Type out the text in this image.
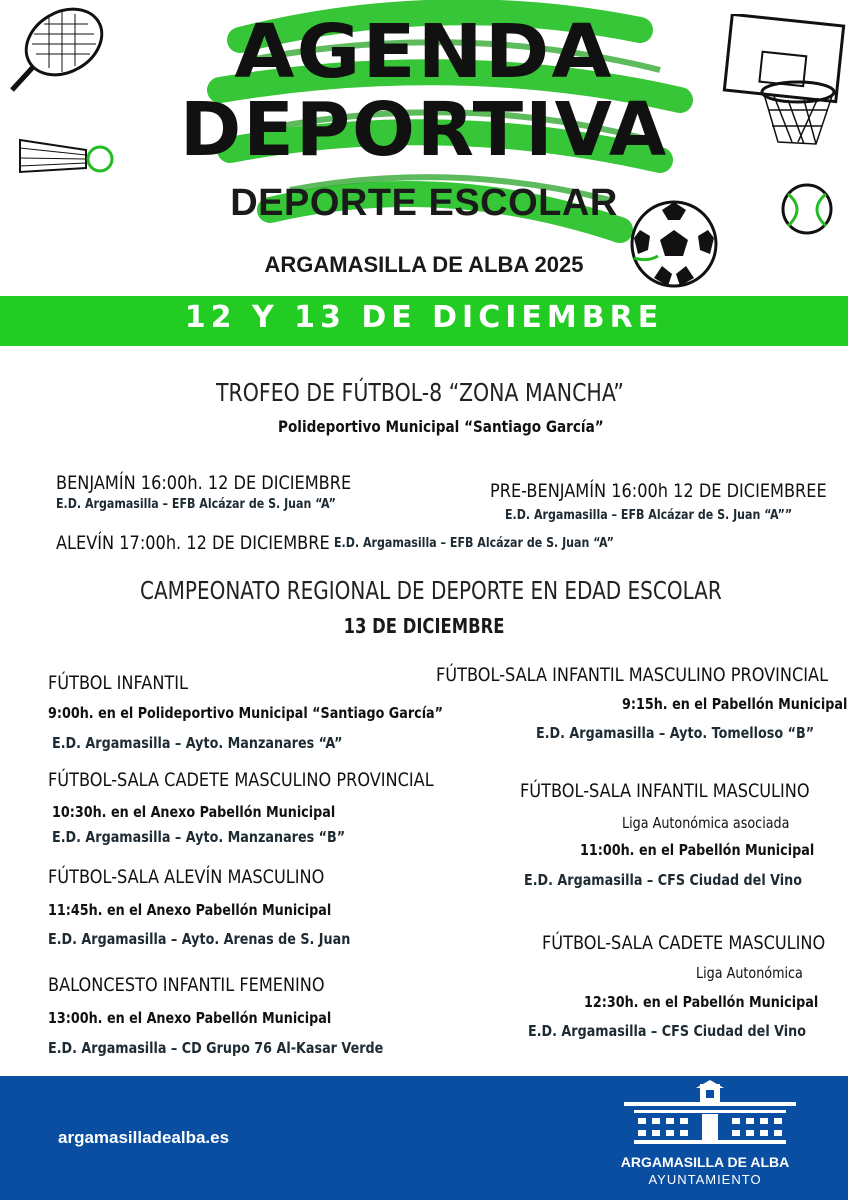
AGENDA
DEPORTIVA
DEPORTE ESCOLAR
ARGAMASILLA DE ALBA 2025
12 Y 13 DE DICIEMBRE
TROFEO DE FÚTBOL-8 “ZONA MANCHA”
Polideportivo Municipal “Santiago García”
BENJAMÍN 16:00h. 12 DE DICIEMBRE
E.D. Argamasilla – EFB Alcázar de S. Juan “A”
PRE-BENJAMÍN 16:00h 12 DE DICIEMBREE
E.D. Argamasilla – EFB Alcázar de S. Juan “A””
ALEVÍN 17:00h. 12 DE DICIEMBRE E.D. Argamasilla – EFB Alcázar de S. Juan “A”
CAMPEONATO REGIONAL DE DEPORTE EN EDAD ESCOLAR
13 DE DICIEMBRE
FÚTBOL INFANTIL
9:00h. en el Polideportivo Municipal “Santiago García”
E.D. Argamasilla – Ayto. Manzanares “A”
FÚTBOL-SALA CADETE MASCULINO PROVINCIAL
10:30h. en el Anexo Pabellón Municipal
E.D. Argamasilla – Ayto. Manzanares “B”
FÚTBOL-SALA ALEVÍN MASCULINO
11:45h. en el Anexo Pabellón Municipal
E.D. Argamasilla – Ayto. Arenas de S. Juan
BALONCESTO INFANTIL FEMENINO
13:00h. en el Anexo Pabellón Municipal
E.D. Argamasilla – CD Grupo 76 Al-Kasar Verde
FÚTBOL-SALA INFANTIL MASCULINO PROVINCIAL
9:15h. en el Pabellón Municipal
E.D. Argamasilla – Ayto. Tomelloso “B”
FÚTBOL-SALA INFANTIL MASCULINO
Liga Autonómica asociada
11:00h. en el Pabellón Municipal
E.D. Argamasilla – CFS Ciudad del Vino
FÚTBOL-SALA CADETE MASCULINO
Liga Autonómica
12:30h. en el Pabellón Municipal
E.D. Argamasilla – CFS Ciudad del Vino
argamasilladealba.es
ARGAMASILLA DE ALBA
AYUNTAMIENTO
